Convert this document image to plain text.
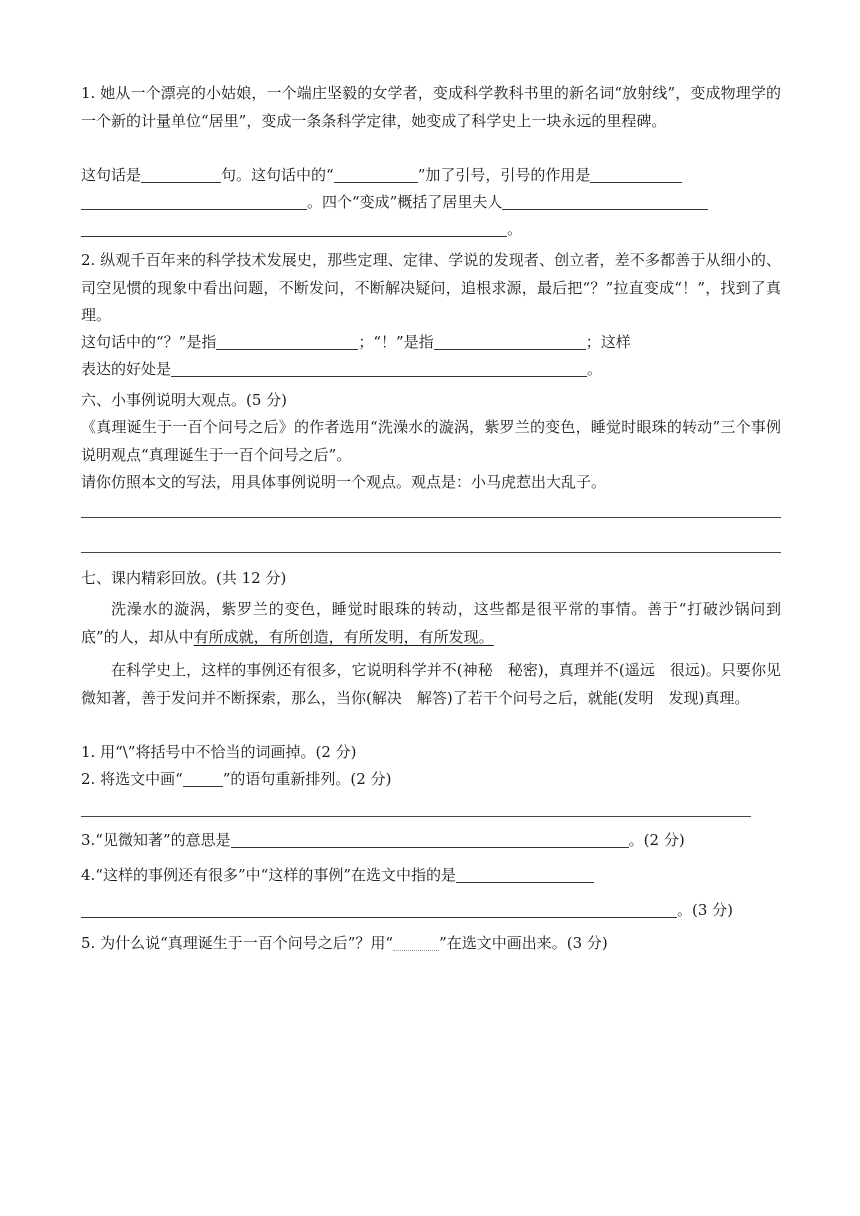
1. 她从一个漂亮的小姑娘，一个端庄坚毅的女学者，变成科学教科书里的新名词“放射线”，变成物理学的一个新的计量单位“居里”，变成一条条科学定律，她变成了科学史上一块永远的里程碑。
这句话是	句。这句话中的“	”加了引号，引号的作用是
。四个“变成”概括了居里夫人
。
2. 纵观千百年来的科学技术发展史，那些定理、定律、学说的发现者、创立者，差不多都善于从细小的、司空见惯的现象中看出问题，不断发问，不断解决疑问，追根求源，最后把“？”拉直变成“！”，找到了真理。
这句话中的“？”是指	；“！”是指	；这样
表达的好处是	。
六、小事例说明大观点。(5 分)
《真理诞生于一百个问号之后》的作者选用“洗澡水的漩涡，紫罗兰的变色，睡觉时眼珠的转动”三个事例说明观点“真理诞生于一百个问号之后”。
请你仿照本文的写法，用具体事例说明一个观点。观点是：小马虎惹出大乱子。
七、课内精彩回放。(共 12 分)
洗澡水的漩涡，紫罗兰的变色，睡觉时眼珠的转动，这些都是很平常的事情。善于“打破沙锅问到底”的人，却从中有所成就，有所创造，有所发明，有所发现。
在科学史上，这样的事例还有很多，它说明科学并不(神秘　秘密)，真理并不(遥远　很远)。只要你见微知著，善于发问并不断探索，那么，当你(解决　解答)了若干个问号之后，就能(发明　发现)真理。
1. 用“\”将括号中不恰当的词画掉。(2 分)
2. 将选文中画“	”的语句重新排列。(2 分)
3.“见微知著”的意思是	。(2 分)
4.“这样的事例还有很多”中“这样的事例”在选文中指的是
。(3 分)
5. 为什么说“真理诞生于一百个问号之后”？用“	”在选文中画出来。(3 分)
